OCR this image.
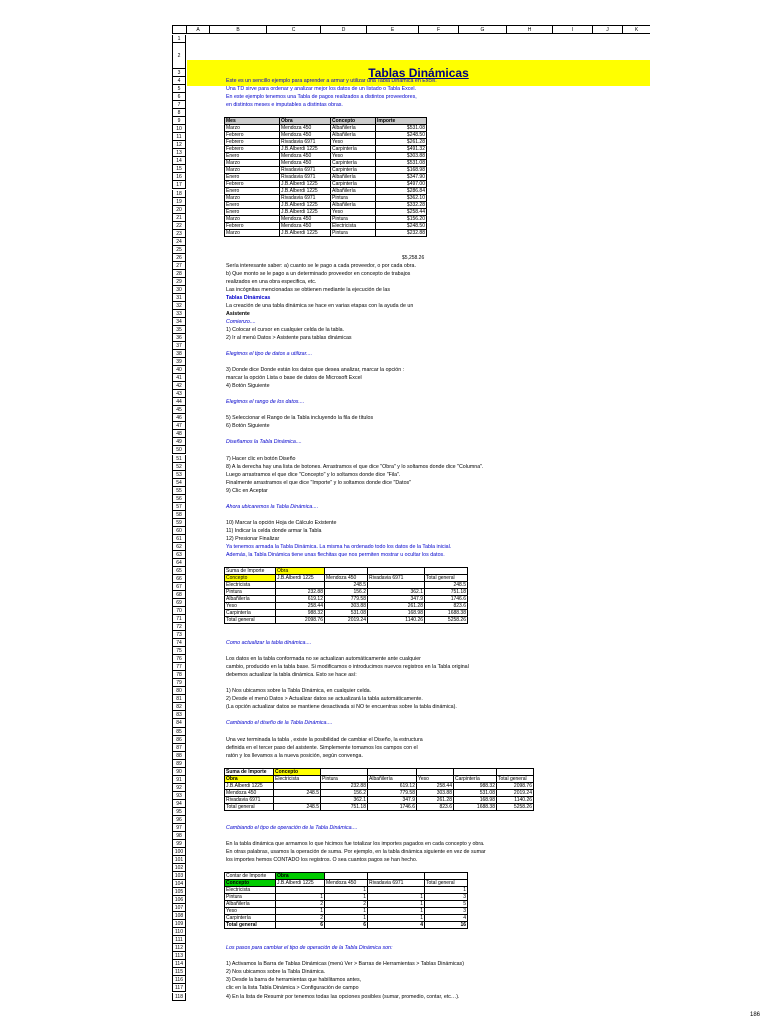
A	B	C	D	E	F	G	H	I	J	K
1
2
3
4
5
6
7
8
9
10
11
12
13
14
15
16
17
18
19
20
21
22
23
24
25
26
27
28
29
30
31
32
33
34
35
36
37
38
39
40
41
42
43
44
45
46
47
48
49
50
51
52
53
54
55
56
57
58
59
60
61
62
63
64
65
66
67
68
69
70
71
72
73
74
75
76
77
78
79
80
81
82
83
84
85
86
87
88
89
90
91
92
93
94
95
96
97
98
99
100
101
102
103
104
105
106
107
108
109
110
111
112
113
114
115
116
117
118
Tablas Dinámicas
Este es un sencillo ejemplo para aprender a armar y utilizar una Tabla Dinámica en Excel.
Una TD sirve para ordenar y analizar mejor los datos de un listado o Tabla Excel.
En este ejemplo tenemos una Tabla de pagos realizados a distintos proveedores,
en distintos meses e imputables a distintas obras.
Mes	Obra	Concepto	Importe
Marzo	Mendoza 450	Albañilería	$531.08
Febrero	Mendoza 450	Albañilería	$248.50
Febrero	Rivadavia 6971	Yeso	$261.28
Febrero	J.B.Alberdi 1225	Carpintería	$491.32
Enero	Mendoza 450	Yeso	$303.88
Marzo	Mendoza 450	Carpintería	$531.08
Marzo	Rivadavia 6971	Carpintería	$168.98
Enero	Rivadavia 6971	Albañilería	$347.90
Febrero	J.B.Alberdi 1225	Carpintería	$497.00
Enero	J.B.Alberdi 1225	Albañilería	$286.84
Marzo	Rivadavia 6971	Pintura	$362.10
Enero	J.B.Alberdi 1225	Albañilería	$332.28
Enero	J.B.Alberdi 1225	Yeso	$258.44
Marzo	Mendoza 450	Pintura	$156.20
Febrero	Mendoza 450	Electricista	$248.50
Marzo	J.B.Alberdi 1225	Pintura	$232.88
$5,258.26
Sería interesante saber: a) cuanto se le pago a cada proveedor, o por cada obra.
b) Que monto se le pago a un determinado proveedor en concepto de trabajos
realizados en una obra especifica, etc.
Las incógnitas mencionadas se obtienen mediante la ejecución de las
Tablas Dinámicas
La creación de una tabla dinámica se hace en varias etapas con la ayuda de un
Asistente
Comienzo....
1) Colocar el cursor en cualquier celda de la tabla.
2) Ir al menú Datos > Asistente para tablas dinámicas
Elegimos el tipo de datos a utilizar....
3) Donde dice Donde están los datos que desea analizar, marcar la opción :
marcar la opción Lista o base de datos de Microsoft Excel
4) Botón Siguiente
Elegimos el rango de los datos....
5) Seleccionar el Rango de la Tabla incluyendo la fila de títulos
6) Botón Siguiente
Diseñamos la Tabla Dinámica....
7) Hacer clic en botón Diseño
8) A la derecha hay una lista de botones. Arrastramos el que dice "Obra" y lo soltamos donde dice "Columna".
Luego arrastramos el que dice "Concepto" y lo soltamos donde dice "Fila".
Finalmente arrastramos el que dice "Importe" y lo soltamos donde dice "Datos"
9) Clic en Aceptar
Ahora ubicaremos la Tabla Dinámica....
10) Marcar la opción Hoja de Cálculo Existente
11) Indicar la celda donde armar la Tabla
12) Presionar Finalizar
Ya tenemos armada la Tabla Dinámica. La misma ha ordenado todo los datos de la Tabla inicial.
Además, la Tabla Dinámica tiene unas flechitas que nos permiten mostrar u ocultar los datos.
Como actualizar la tabla dinámica....
Los datos en la tabla conformada no se actualizan automáticamente ante cualquier
cambio, producido en la tabla base. Si modificamos o introducimos nuevos registros en la Tabla original
debemos actualizar la tabla dinámica. Esto se hace así:
1) Nos ubicamos sobre la Tabla Dinámica, en cualquier celda.
2) Desde el menú Datos > Actualizar datos se actualizará la tabla automáticamente.
(La opción actualizar datos se mantiene desactivada si NO te encuentras sobre la tabla dinámica).
Cambiando el diseño de la Tabla Dinámica....
Una vez terminada la tabla , existe la posibilidad de cambiar el Diseño, la estructura
definida en el tercer paso del asistente. Simplemente tomamos los campos con el
ratón y los llevamos a la nueva posición, según convenga.
Cambiando el tipo de operación de la Tabla Dinámica....
En la tabla dinámica que armamos lo que hicimos fue totalizar los importes pagados en cada concepto y obra.
En otras palabras, usamos la operación de suma. Por ejemplo, en la tabla dinámica siguiente en vez de sumar
los importes hemos CONTADO los registros. O sea cuantos pagos se han hecho.
Los pasos para cambiar el tipo de operación de la Tabla Dinámica son:
1) Activamos la Barra de Tablas Dinámicas (menú Ver > Barras de Herramientas > Tablas Dinámicas)
2) Nos ubicamos sobre la Tabla Dinámica.
3) Desde la barra de herramientas que habilitamos antes,
clic en la lista Tabla Dinámica > Configuración de campo
4) En la lista de Resumir por tenemos todas las opciones posibles (sumar, promedio, contar, etc…).
Suma de Importe	Obra			
Concepto	J.B.Alberdi 1225	Mendoza 450	Rivadavia 6971	Total general
Electricista		248.5		248.5
Pintura	232.88	156.2	362.1	751.18
Albañilería	619.12	779.58	347.9	1746.6
Yeso	258.44	303.88	261.28	823.6
Carpintería	988.32	531.08	168.98	1688.38
Total general	2098.76	2019.24	1140.26	5258.26
Suma de Importe	Concepto					
Obra	Electricista	Pintura	Albañilería	Yeso	Carpintería	Total general
J.B.Alberdi 1225		232.88	619.12	258.44	988.32	2098.76
Mendoza 450	248.5	156.2	779.58	303.88	531.08	2019.24
Rivadavia 6971		362.1	347.9	261.28	168.98	1140.26
Total general	248.5	751.18	1746.6	823.6	1688.38	5258.26
Contar de Importe	Obra			
Concepto	J.B.Alberdi 1225	Mendoza 450	Rivadavia 6971	Total general
Electricista		1		1
Pintura	1	1	1	3
Albañilería	2	2	1	5
Yeso	1	1	1	3
Carpintería	2	1	1	4
Total general	6	6	4	16
186
